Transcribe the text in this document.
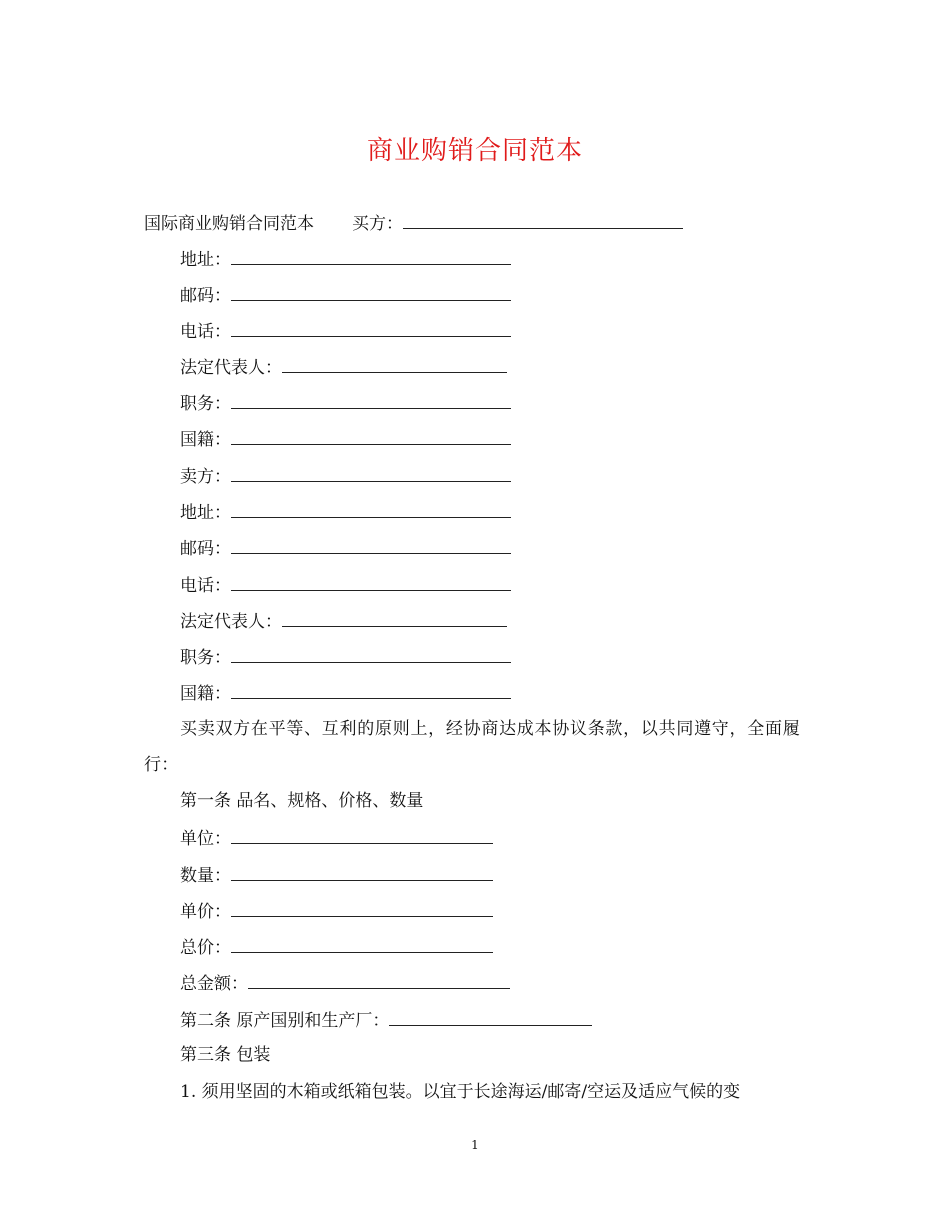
商业购销合同范本
国际商业购销合同范本 买方：
地址：
邮码：
电话：
法定代表人：
职务：
国籍：
卖方：
地址：
邮码：
电话：
法定代表人：
职务：
国籍：
买卖双方在平等、互利的原则上，经协商达成本协议条款，以共同遵守，全面履行：
第一条 品名、规格、价格、数量
单位：
数量：
单价：
总价：
总金额：
第二条 原产国别和生产厂：
第三条 包装
1. 须用坚固的木箱或纸箱包装。以宜于长途海运/邮寄/空运及适应气候的变
1
